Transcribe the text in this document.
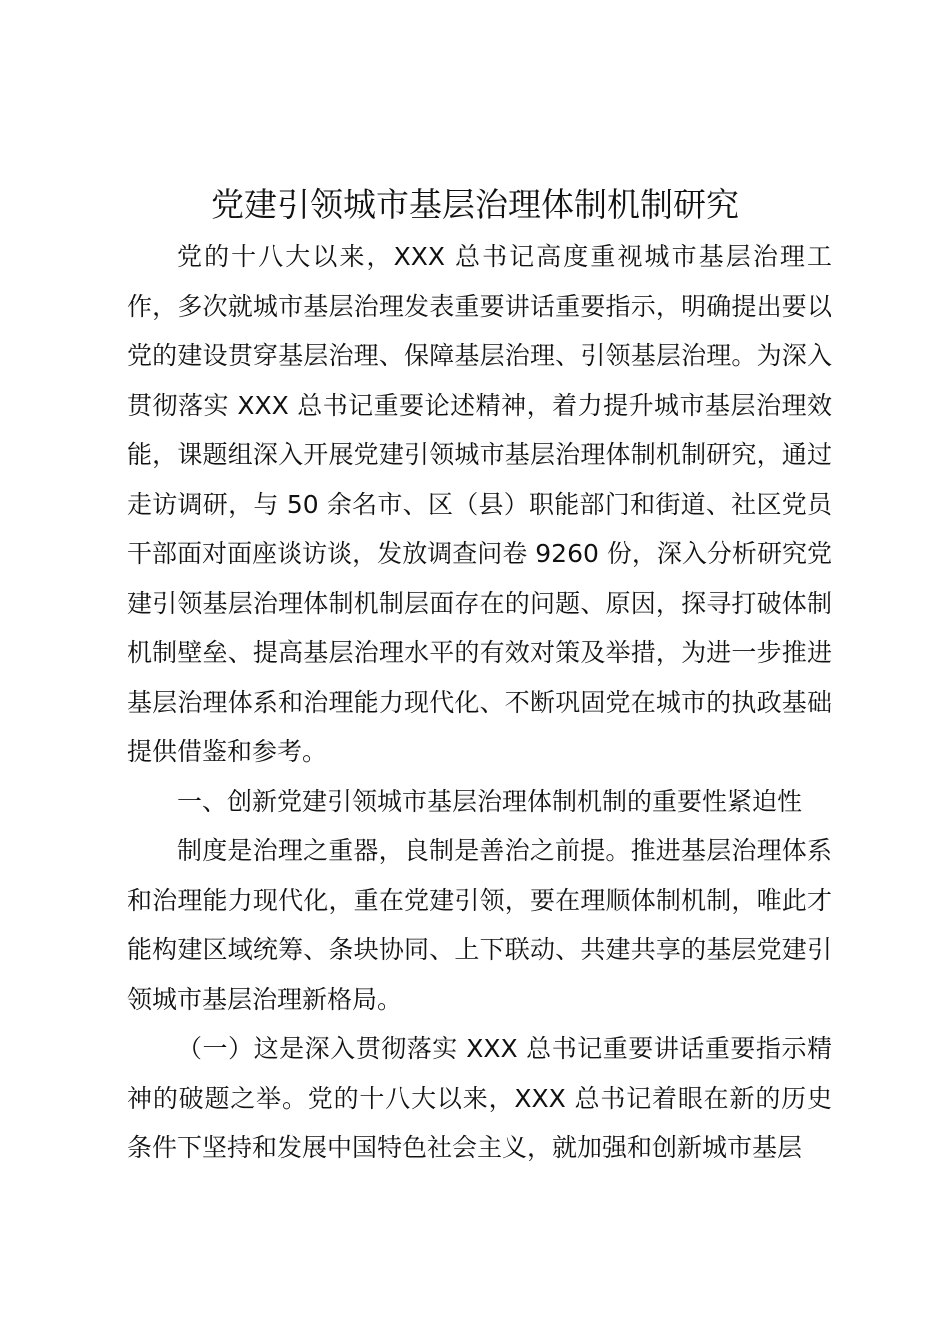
党建引领城市基层治理体制机制研究

党的十八大以来，XXX 总书记高度重视城市基层治理工作，多次就城市基层治理发表重要讲话重要指示，明确提出要以党的建设贯穿基层治理、保障基层治理、引领基层治理。为深入贯彻落实 XXX 总书记重要论述精神，着力提升城市基层治理效能，课题组深入开展党建引领城市基层治理体制机制研究，通过走访调研，与 50 余名市、区（县）职能部门和街道、社区党员干部面对面座谈访谈，发放调查问卷 9260 份，深入分析研究党建引领基层治理体制机制层面存在的问题、原因，探寻打破体制机制壁垒、提高基层治理水平的有效对策及举措，为进一步推进基层治理体系和治理能力现代化、不断巩固党在城市的执政基础提供借鉴和参考。

一、创新党建引领城市基层治理体制机制的重要性紧迫性

制度是治理之重器，良制是善治之前提。推进基层治理体系和治理能力现代化，重在党建引领，要在理顺体制机制，唯此才能构建区域统筹、条块协同、上下联动、共建共享的基层党建引领城市基层治理新格局。

（一）这是深入贯彻落实 XXX 总书记重要讲话重要指示精神的破题之举。党的十八大以来，XXX 总书记着眼在新的历史条件下坚持和发展中国特色社会主义，就加强和创新城市基层
